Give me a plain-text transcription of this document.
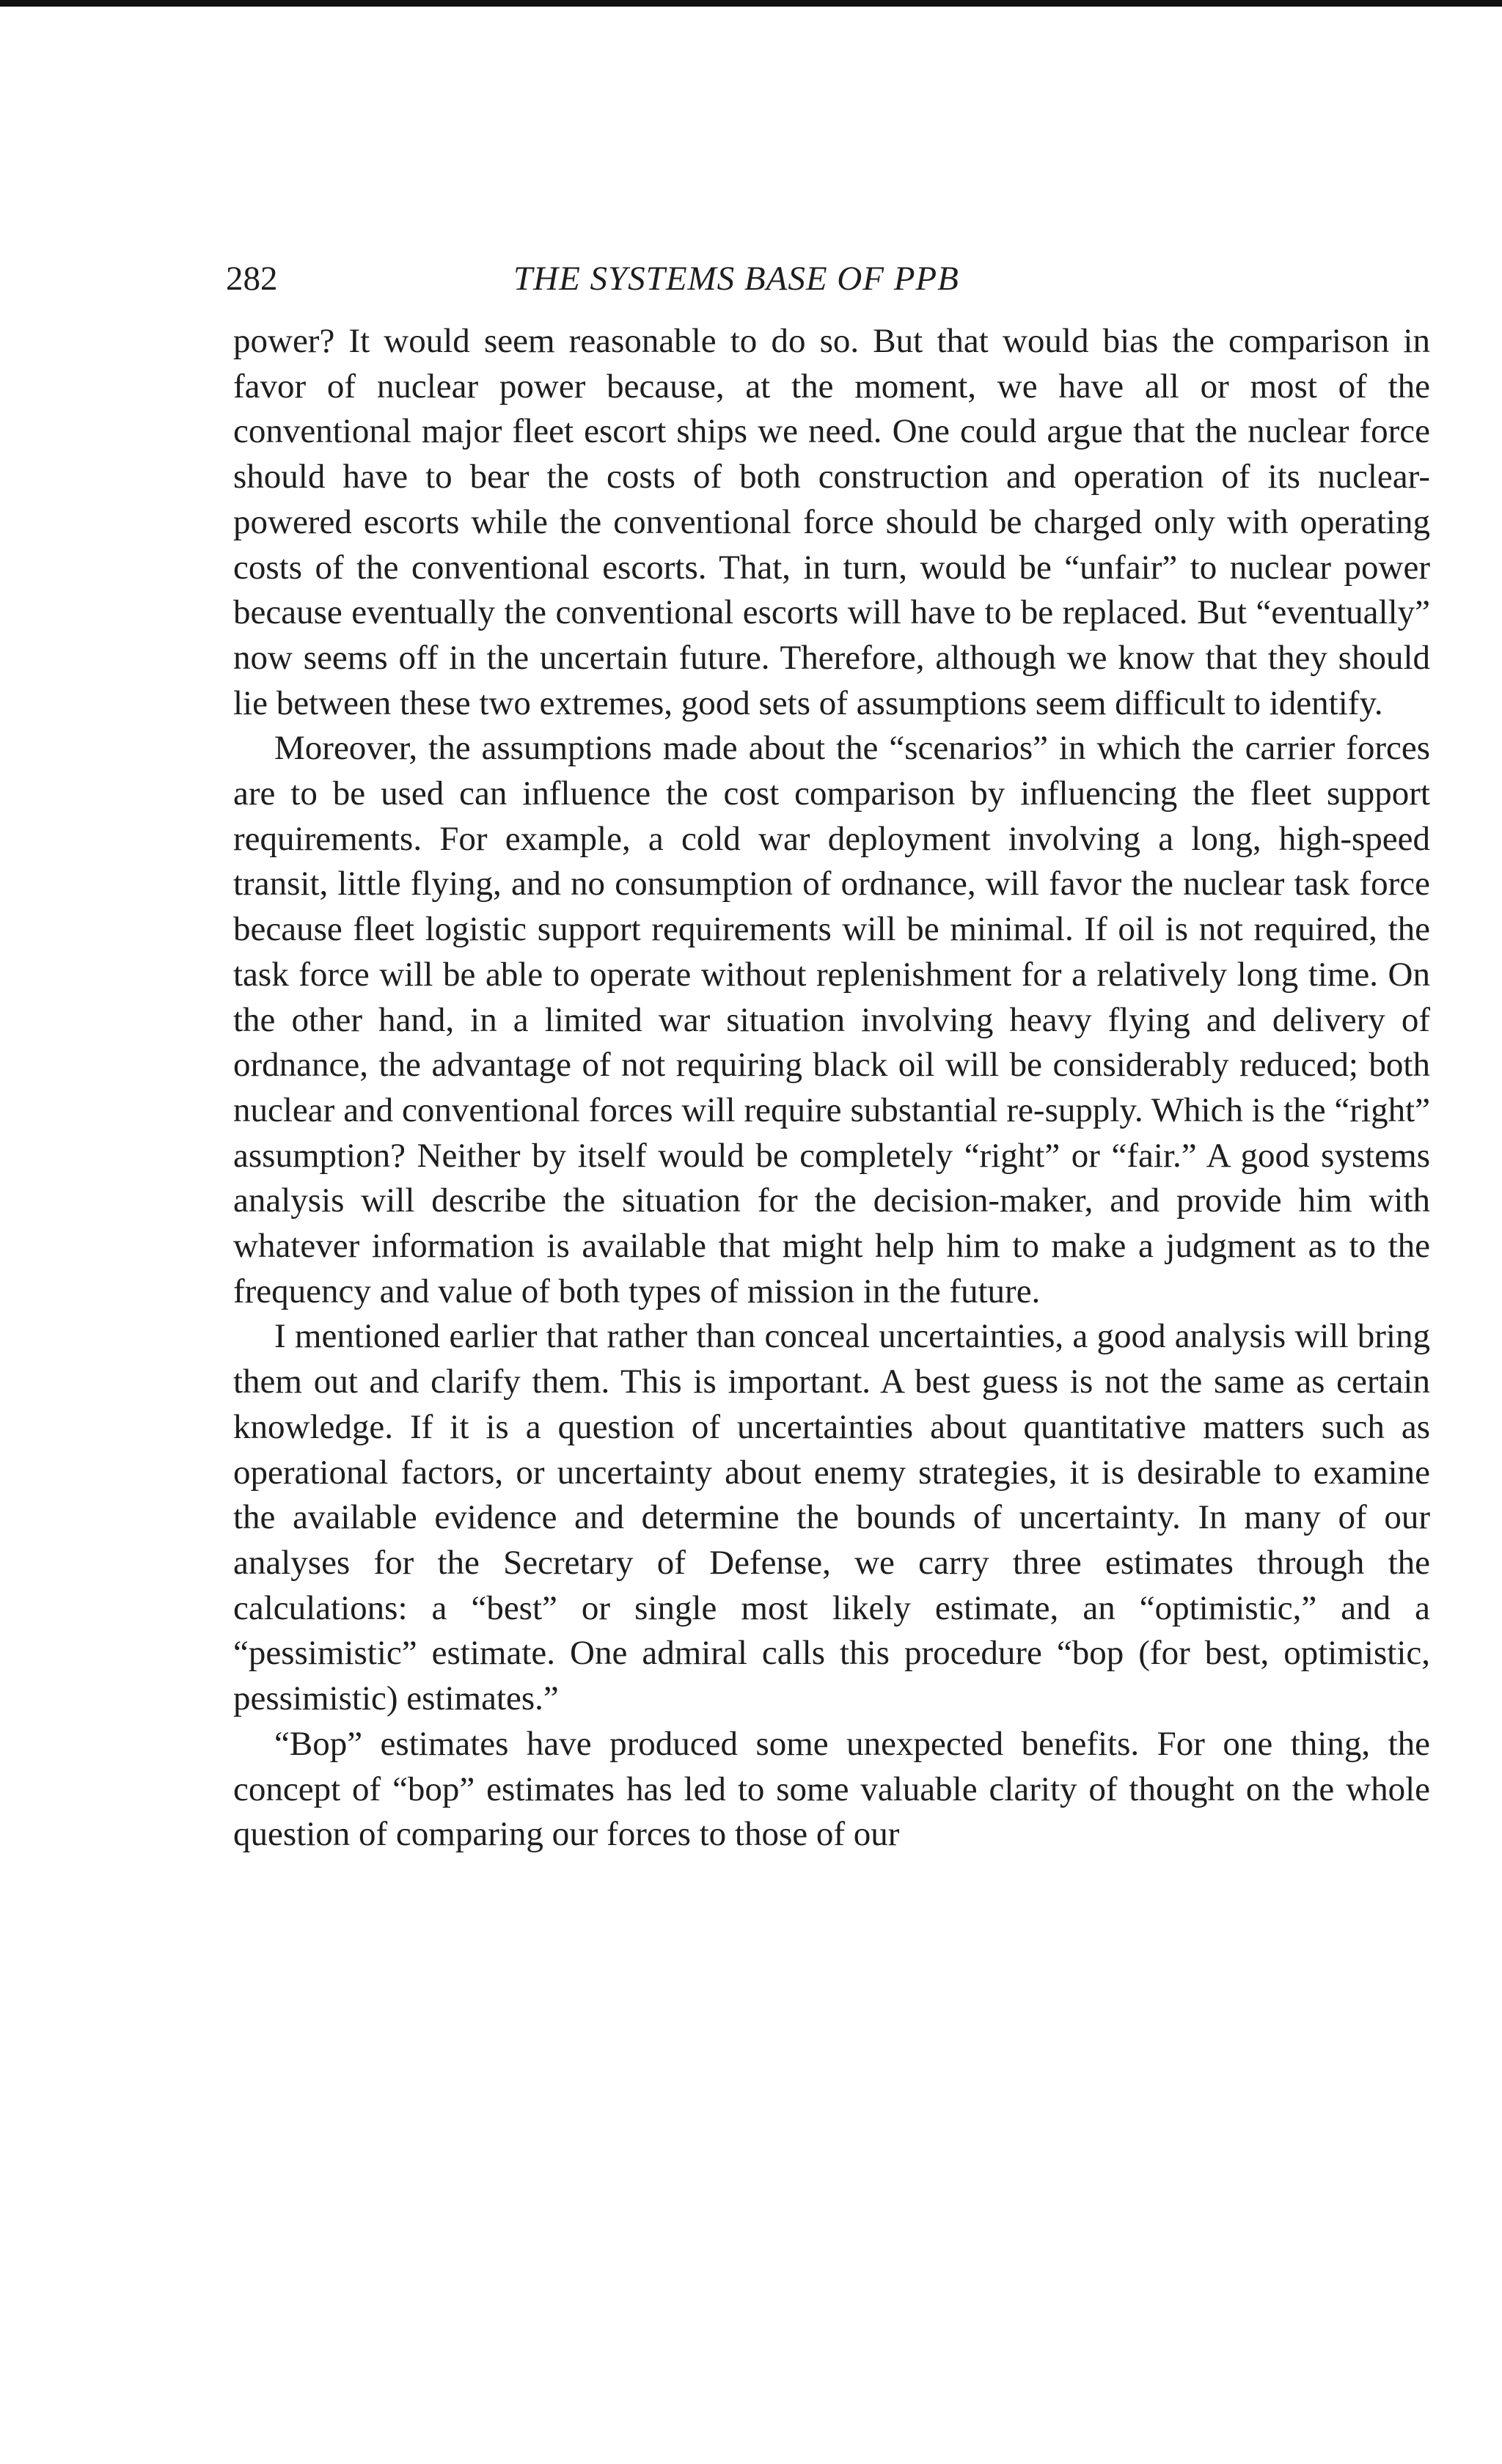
282	THE SYSTEMS BASE OF PPB

power? It would seem reasonable to do so. But that would bias the comparison in favor of nuclear power because, at the moment, we have all or most of the conventional major fleet escort ships we need. One could argue that the nuclear force should have to bear the costs of both construction and operation of its nuclear-powered escorts while the conventional force should be charged only with operating costs of the conventional escorts. That, in turn, would be “unfair” to nuclear power because eventually the conventional escorts will have to be replaced. But “eventually” now seems off in the uncertain future. Therefore, although we know that they should lie between these two extremes, good sets of assumptions seem difficult to identify.

Moreover, the assumptions made about the “scenarios” in which the carrier forces are to be used can influence the cost comparison by influencing the fleet support requirements. For example, a cold war deployment involving a long, high-speed transit, little flying, and no consumption of ordnance, will favor the nuclear task force because fleet logistic support requirements will be minimal. If oil is not required, the task force will be able to operate without replenishment for a relatively long time. On the other hand, in a limited war situation involving heavy flying and delivery of ordnance, the advantage of not requiring black oil will be considerably reduced; both nuclear and conventional forces will require substantial re-supply. Which is the “right” assumption? Neither by itself would be completely “right” or “fair.” A good systems analysis will describe the situation for the decision-maker, and provide him with whatever information is available that might help him to make a judgment as to the frequency and value of both types of mission in the future.

I mentioned earlier that rather than conceal uncertainties, a good analysis will bring them out and clarify them. This is important. A best guess is not the same as certain knowledge. If it is a question of uncertainties about quantitative matters such as operational factors, or uncertainty about enemy strategies, it is desirable to examine the available evidence and determine the bounds of uncertainty. In many of our analyses for the Secretary of Defense, we carry three estimates through the calculations: a “best” or single most likely estimate, an “optimistic,” and a “pessimistic” estimate. One admiral calls this procedure “bop (for best, optimistic, pessimistic) estimates.”

“Bop” estimates have produced some unexpected benefits. For one thing, the concept of “bop” estimates has led to some valuable clarity of thought on the whole question of comparing our forces to those of our
